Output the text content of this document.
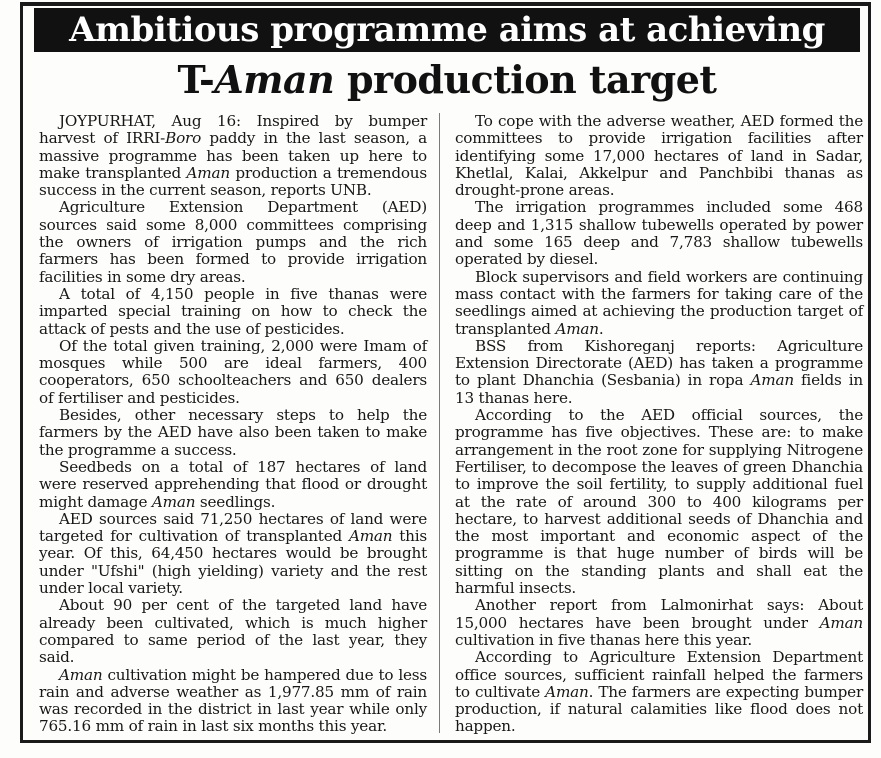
Ambitious programme aims at achieving
T-Aman production target

JOYPURHAT, Aug 16: Inspired by bumper harvest of IRRI-Boro paddy in the last season, a massive programme has been taken up here to make transplanted Aman production a tremendous success in the current season, reports UNB.

Agriculture Extension Department (AED) sources said some 8,000 committees comprising the owners of irrigation pumps and the rich farmers has been formed to provide irrigation facilities in some dry areas.

A total of 4,150 people in five thanas were imparted special training on how to check the attack of pests and the use of pesticides.

Of the total given training, 2,000 were Imam of mosques while 500 are ideal farmers, 400 cooperators, 650 schoolteachers and 650 dealers of fertiliser and pesticides.

Besides, other necessary steps to help the farmers by the AED have also been taken to make the programme a success.

Seedbeds on a total of 187 hectares of land were reserved apprehending that flood or drought might damage Aman seedlings.

AED sources said 71,250 hectares of land were targeted for cultivation of transplanted Aman this year. Of this, 64,450 hectares would be brought under "Ufshi" (high yielding) variety and the rest under local variety.

About 90 per cent of the targeted land have already been cultivated, which is much higher compared to same period of the last year, they said.

Aman cultivation might be hampered due to less rain and adverse weather as 1,977.85 mm of rain was recorded in the district in last year while only 765.16 mm of rain in last six months this year.

To cope with the adverse weather, AED formed the committees to provide irrigation facilities after identifying some 17,000 hectares of land in Sadar, Khetlal, Kalai, Akkelpur and Panchbibi thanas as drought-prone areas.

The irrigation programmes included some 468 deep and 1,315 shallow tubewells operated by power and some 165 deep and 7,783 shallow tubewells operated by diesel.

Block supervisors and field workers are continuing mass contact with the farmers for taking care of the seedlings aimed at achieving the production target of transplanted Aman.

BSS from Kishoreganj reports: Agriculture Extension Directorate (AED) has taken a programme to plant Dhanchia (Sesbania) in ropa Aman fields in 13 thanas here.

According to the AED official sources, the programme has five objectives. These are: to make arrangement in the root zone for supplying Nitrogene Fertiliser, to decompose the leaves of green Dhanchia to improve the soil fertility, to supply additional fuel at the rate of around 300 to 400 kilograms per hectare, to harvest additional seeds of Dhanchia and the most important and economic aspect of the programme is that huge number of birds will be sitting on the standing plants and shall eat the harmful insects.

Another report from Lalmonirhat says: About 15,000 hectares have been brought under Aman cultivation in five thanas here this year.

According to Agriculture Extension Department office sources, sufficient rainfall helped the farmers to cultivate Aman. The farmers are expecting bumper production, if natural calamities like flood does not happen.
